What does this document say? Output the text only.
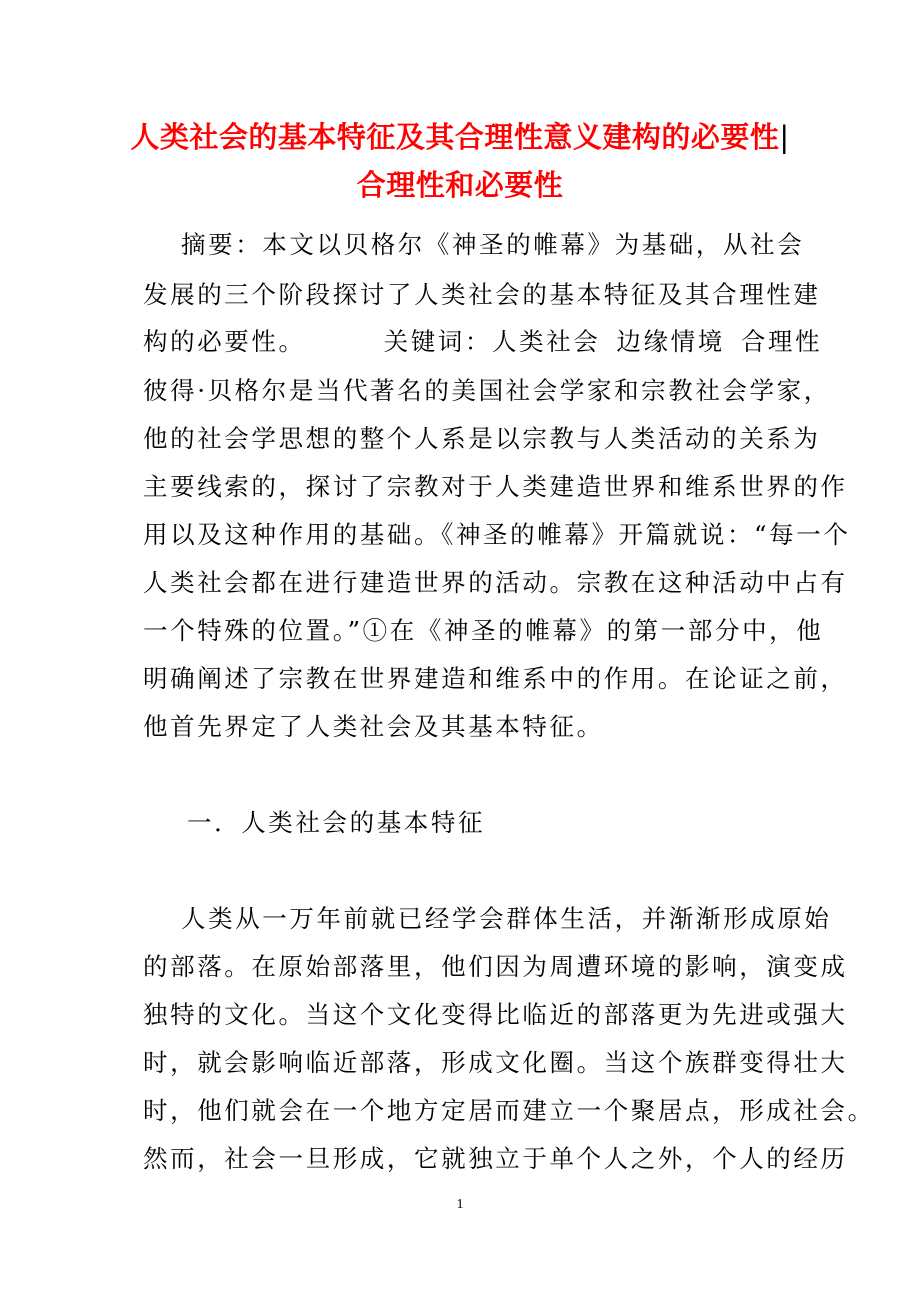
人类社会的基本特征及其合理性意义建构的必要性|
合理性和必要性
摘要：本文以贝格尔《神圣的帷幕》为基础，从社会
发展的三个阶段探讨了人类社会的基本特征及其合理性建
构的必要性。	关键词：人类社会 边缘情境 合理性
彼得·贝格尔是当代著名的美国社会学家和宗教社会学家，
他的社会学思想的整个人系是以宗教与人类活动的关系为
主要线索的，探讨了宗教对于人类建造世界和维系世界的作
用以及这种作用的基础。《神圣的帷幕》开篇就说：“每一个
人类社会都在进行建造世界的活动。宗教在这种活动中占有
一个特殊的位置。”①在《神圣的帷幕》的第一部分中，他
明确阐述了宗教在世界建造和维系中的作用。在论证之前，
他首先界定了人类社会及其基本特征。
一．人类社会的基本特征
人类从一万年前就已经学会群体生活，并渐渐形成原始
的部落。在原始部落里，他们因为周遭环境的影响，演变成
独特的文化。当这个文化变得比临近的部落更为先进或强大
时，就会影响临近部落，形成文化圈。当这个族群变得壮大
时，他们就会在一个地方定居而建立一个聚居点，形成社会。
然而，社会一旦形成，它就独立于单个人之外，个人的经历
1
